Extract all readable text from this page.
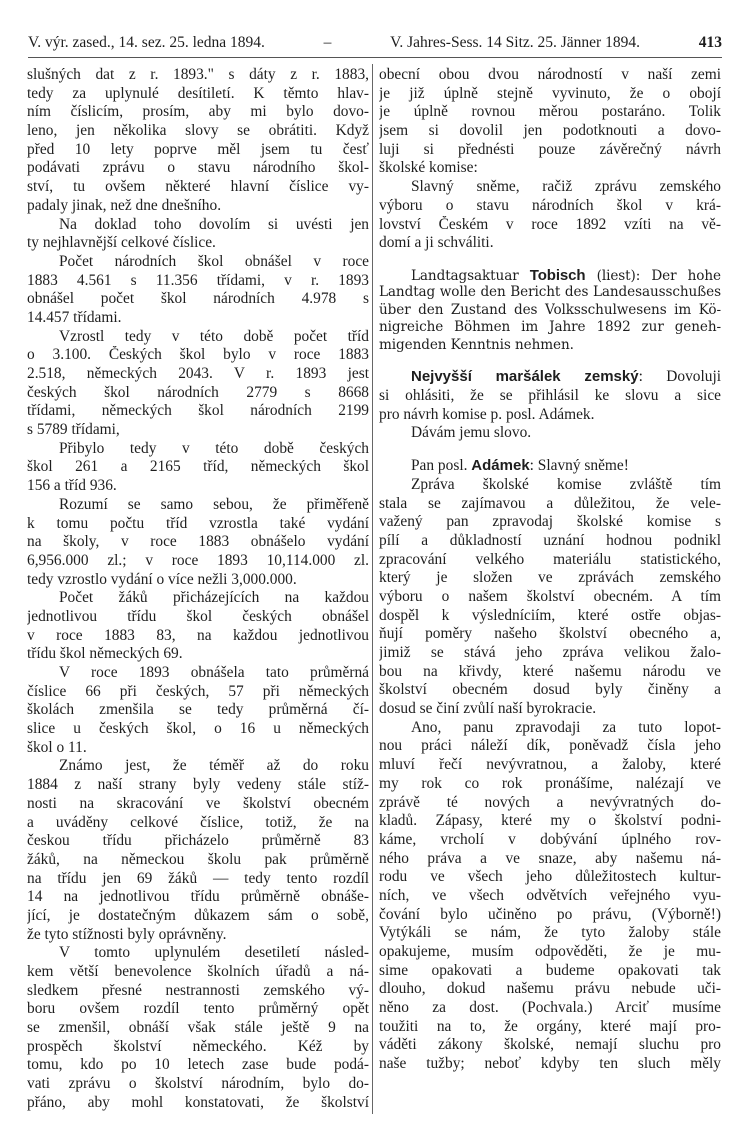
V. výr. zased., 14. sez. 25. ledna 1894.	–	V. Jahres-Sess. 14 Sitz. 25. Jänner 1894.	413
slušných dat z r. 1893." s dáty z r. 1883,
tedy za uplynulé desítiletí. K těmto hlav-
ním číslicím, prosím, aby mi bylo dovo-
leno, jen několika slovy se obrátiti. Když
před 10 lety poprve měl jsem tu česť
podávati zprávu o stavu národního škol-
ství, tu ovšem některé hlavní číslice vy-
padaly jinak, než dne dnešního.
Na doklad toho dovolím si uvésti jen
ty nejhlavnější celkové číslice.
Počet národních škol obnášel v roce
1883 4.561 s 11.356 třídami, v r. 1893
obnášel počet škol národních 4.978 s
14.457 třídami.
Vzrostl tedy v této době počet tříd
o 3.100. Českých škol bylo v roce 1883
2.518, německých 2043. V r. 1893 jest
českých škol národních 2779 s 8668
třídami, německých škol národních 2199
s 5789 třídami,
Přibylo tedy v této době českých
škol 261 a 2165 tříd, německých škol
156 a tříd 936.
Rozumí se samo sebou, že přiměřeně
k tomu počtu tříd vzrostla také vydání
na školy, v roce 1883 obnášelo vydání
6,956.000 zl.; v roce 1893 10,114.000 zl.
tedy vzrostlo vydání o více nežli 3,000.000.
Počet žáků přicházejících na každou
jednotlivou třídu škol českých obnášel
v roce 1883 83, na každou jednotlivou
třídu škol německých 69.
V roce 1893 obnášela tato průměrná
číslice 66 při českých, 57 při německých
školách zmenšila se tedy průměrná čí-
slice u českých škol, o 16 u německých
škol o 11.
Známo jest, že téměř až do roku
1884 z naší strany byly vedeny stále stíž-
nosti na skracování ve školství obecném
a uváděny celkové číslice, totiž, že na
českou třídu přicházelo průměrně 83
žáků, na německou školu pak průměrně
na třídu jen 69 žáků — tedy tento rozdíl
14 na jednotlivou třídu průměrně obnáše-
jící, je dostatečným důkazem sám o sobě,
že tyto stížnosti byly oprávněny.
V tomto uplynulém desetiletí násled-
kem větší benevolence školních úřadů a ná-
sledkem přesné nestrannosti zemského vý-
boru ovšem rozdíl tento průměrný opět
se zmenšil, obnáší však stále ještě 9 na
prospěch školství německého. Kéž by
tomu, kdo po 10 letech zase bude podá-
vati zprávu o školství národním, bylo do-
přáno, aby mohl konstatovati, že školství
obecní obou dvou národností v naší zemi
je již úplně stejně vyvinuto, že o obojí
je úplně rovnou měrou postaráno. Tolik
jsem si dovolil jen podotknouti a dovo-
luji si přednésti pouze závěrečný návrh
školské komise:
Slavný sněme, račiž zprávu zemského
výboru o stavu národních škol v krá-
lovství Českém v roce 1892 vzíti na vě-
domí a ji schváliti.
Landtagsaktuar Tobisch (liest): Der hohe
Landtag wolle den Bericht des Landesausschußes
über den Zustand des Volksschulwesens im Kö-
nigreiche Böhmen im Jahre 1892 zur geneh-
migenden Kenntnis nehmen.
Nejvyšší maršálek zemský: Dovoluji
si ohlásiti, že se přihlásil ke slovu a sice
pro návrh komise p. posl. Adámek.
Dávám jemu slovo.
Pan posl. Adámek: Slavný sněme!
Zpráva školské komise zvláště tím
stala se zajímavou a důležitou, že vele-
važený pan zpravodaj školské komise s
pílí a důkladností uznání hodnou podnikl
zpracování velkého materiálu statistického,
který je složen ve zprávách zemského
výboru o našem školství obecném. A tím
dospěl k výsledníciím, které ostře objas-
ňují poměry našeho školství obecného a,
jimiž se stává jeho zpráva velikou žalo-
bou na křivdy, které našemu národu ve
školství obecném dosud byly činěny a
dosud se činí zvůlí naší byrokracie.
Ano, panu zpravodaji za tuto lopot-
nou práci náleží dík, poněvadž čísla jeho
mluví řečí nevývratnou, a žaloby, které
my rok co rok pronášíme, nalézají ve
zprávě té nových a nevývratných do-
kladů. Zápasy, které my o školství podni-
káme, vrcholí v dobývání úplného rov-
ného práva a ve snaze, aby našemu ná-
rodu ve všech jeho důležitostech kultur-
ních, ve všech odvětvích veřejného vyu-
čování bylo učiněno po právu, (Výborně!)
Vytýkáli se nám, že tyto žaloby stále
opakujeme, musím odpověděti, že je mu-
sime opakovati a budeme opakovati tak
dlouho, dokud našemu právu nebude uči-
něno za dost. (Pochvala.) Arciť musíme
toužiti na to, že orgány, které mají pro-
váděti zákony školské, nemají sluchu pro
naše tužby; neboť kdyby ten sluch měly
